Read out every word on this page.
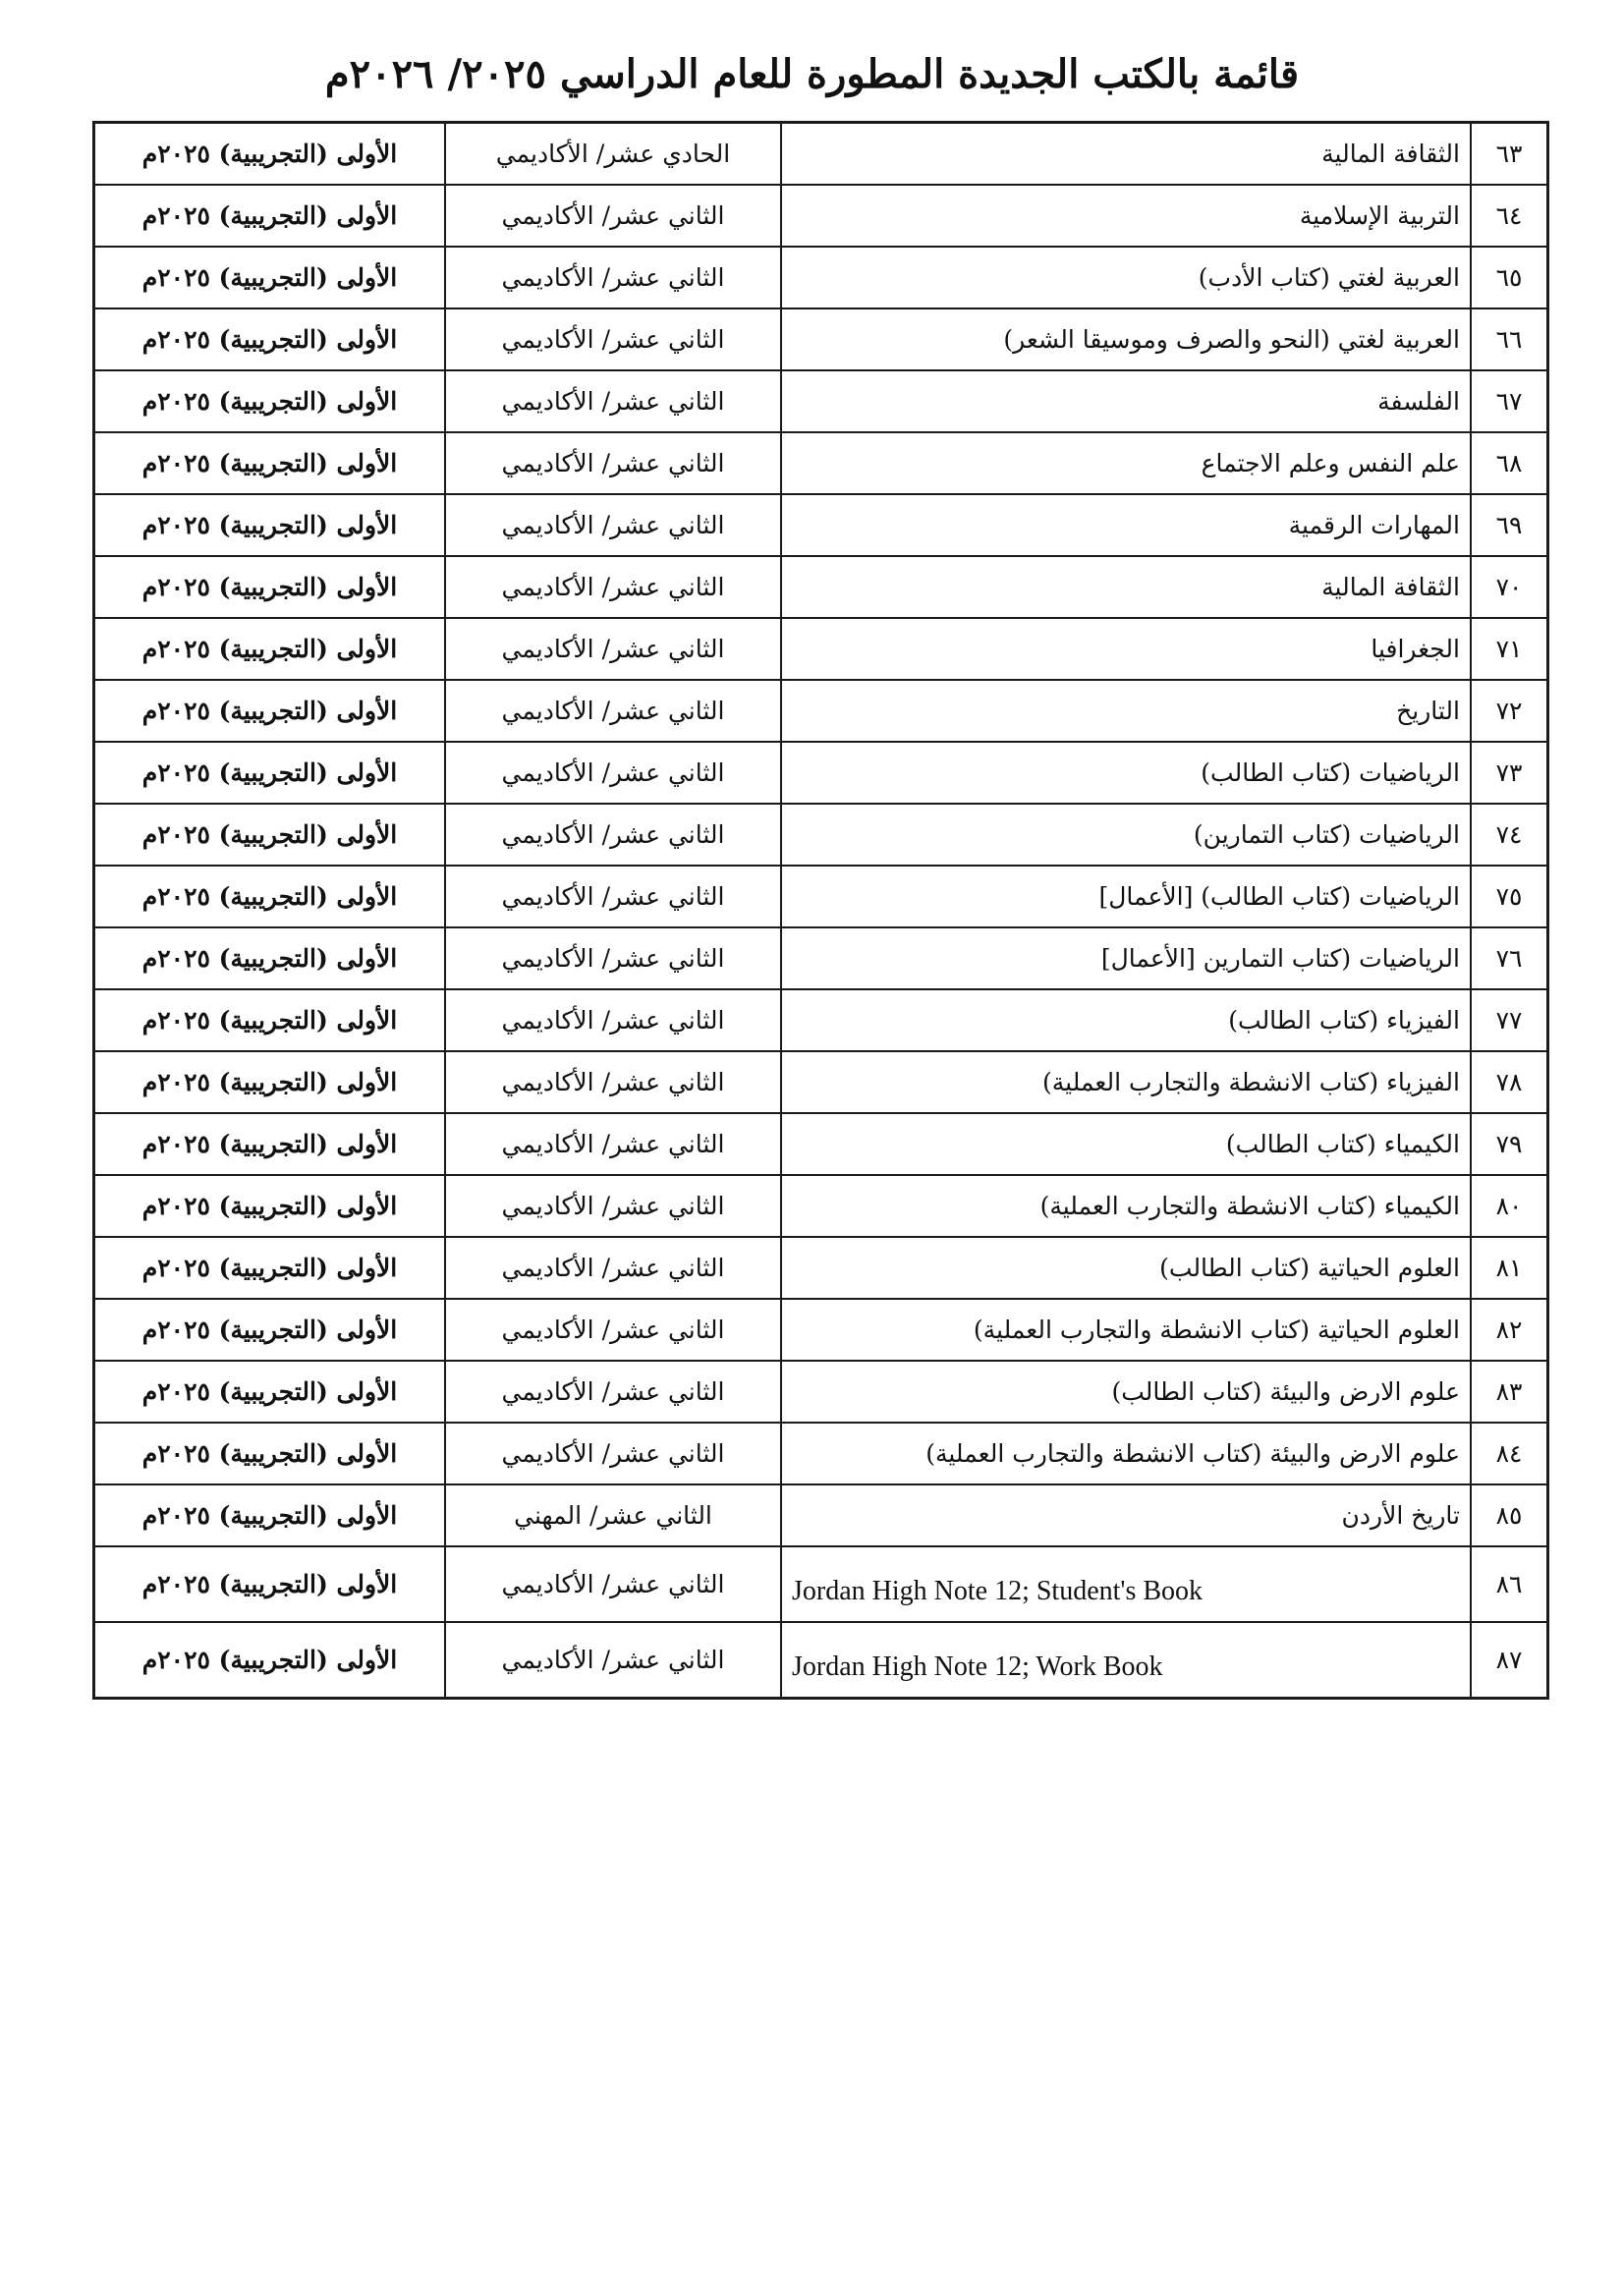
قائمة بالكتب الجديدة المطورة للعام الدراسي ٢٠٢٥/ ٢٠٢٦م
٦٣	الثقافة المالية	الحادي عشر/ الأكاديمي	الأولى (التجريبية) ٢٠٢٥م
٦٤	التربية الإسلامية	الثاني عشر/ الأكاديمي	الأولى (التجريبية) ٢٠٢٥م
٦٥	العربية لغتي (كتاب الأدب)	الثاني عشر/ الأكاديمي	الأولى (التجريبية) ٢٠٢٥م
٦٦	العربية لغتي (النحو والصرف وموسيقا الشعر)	الثاني عشر/ الأكاديمي	الأولى (التجريبية) ٢٠٢٥م
٦٧	الفلسفة	الثاني عشر/ الأكاديمي	الأولى (التجريبية) ٢٠٢٥م
٦٨	علم النفس وعلم الاجتماع	الثاني عشر/ الأكاديمي	الأولى (التجريبية) ٢٠٢٥م
٦٩	المهارات الرقمية	الثاني عشر/ الأكاديمي	الأولى (التجريبية) ٢٠٢٥م
٧٠	الثقافة المالية	الثاني عشر/ الأكاديمي	الأولى (التجريبية) ٢٠٢٥م
٧١	الجغرافيا	الثاني عشر/ الأكاديمي	الأولى (التجريبية) ٢٠٢٥م
٧٢	التاريخ	الثاني عشر/ الأكاديمي	الأولى (التجريبية) ٢٠٢٥م
٧٣	الرياضيات (كتاب الطالب)	الثاني عشر/ الأكاديمي	الأولى (التجريبية) ٢٠٢٥م
٧٤	الرياضيات (كتاب التمارين)	الثاني عشر/ الأكاديمي	الأولى (التجريبية) ٢٠٢٥م
٧٥	الرياضيات (كتاب الطالب) [الأعمال]	الثاني عشر/ الأكاديمي	الأولى (التجريبية) ٢٠٢٥م
٧٦	الرياضيات (كتاب التمارين [الأعمال]	الثاني عشر/ الأكاديمي	الأولى (التجريبية) ٢٠٢٥م
٧٧	الفيزياء (كتاب الطالب)	الثاني عشر/ الأكاديمي	الأولى (التجريبية) ٢٠٢٥م
٧٨	الفيزياء (كتاب الانشطة والتجارب العملية)	الثاني عشر/ الأكاديمي	الأولى (التجريبية) ٢٠٢٥م
٧٩	الكيمياء (كتاب الطالب)	الثاني عشر/ الأكاديمي	الأولى (التجريبية) ٢٠٢٥م
٨٠	الكيمياء (كتاب الانشطة والتجارب العملية)	الثاني عشر/ الأكاديمي	الأولى (التجريبية) ٢٠٢٥م
٨١	العلوم الحياتية (كتاب الطالب)	الثاني عشر/ الأكاديمي	الأولى (التجريبية) ٢٠٢٥م
٨٢	العلوم الحياتية (كتاب الانشطة والتجارب العملية)	الثاني عشر/ الأكاديمي	الأولى (التجريبية) ٢٠٢٥م
٨٣	علوم الارض والبيئة (كتاب الطالب)	الثاني عشر/ الأكاديمي	الأولى (التجريبية) ٢٠٢٥م
٨٤	علوم الارض والبيئة (كتاب الانشطة والتجارب العملية)	الثاني عشر/ الأكاديمي	الأولى (التجريبية) ٢٠٢٥م
٨٥	تاريخ الأردن	الثاني عشر/ المهني	الأولى (التجريبية) ٢٠٢٥م
٨٦	Jordan High Note 12; Student's Book	الثاني عشر/ الأكاديمي	الأولى (التجريبية) ٢٠٢٥م
٨٧	Jordan High Note 12; Work Book	الثاني عشر/ الأكاديمي	الأولى (التجريبية) ٢٠٢٥م
